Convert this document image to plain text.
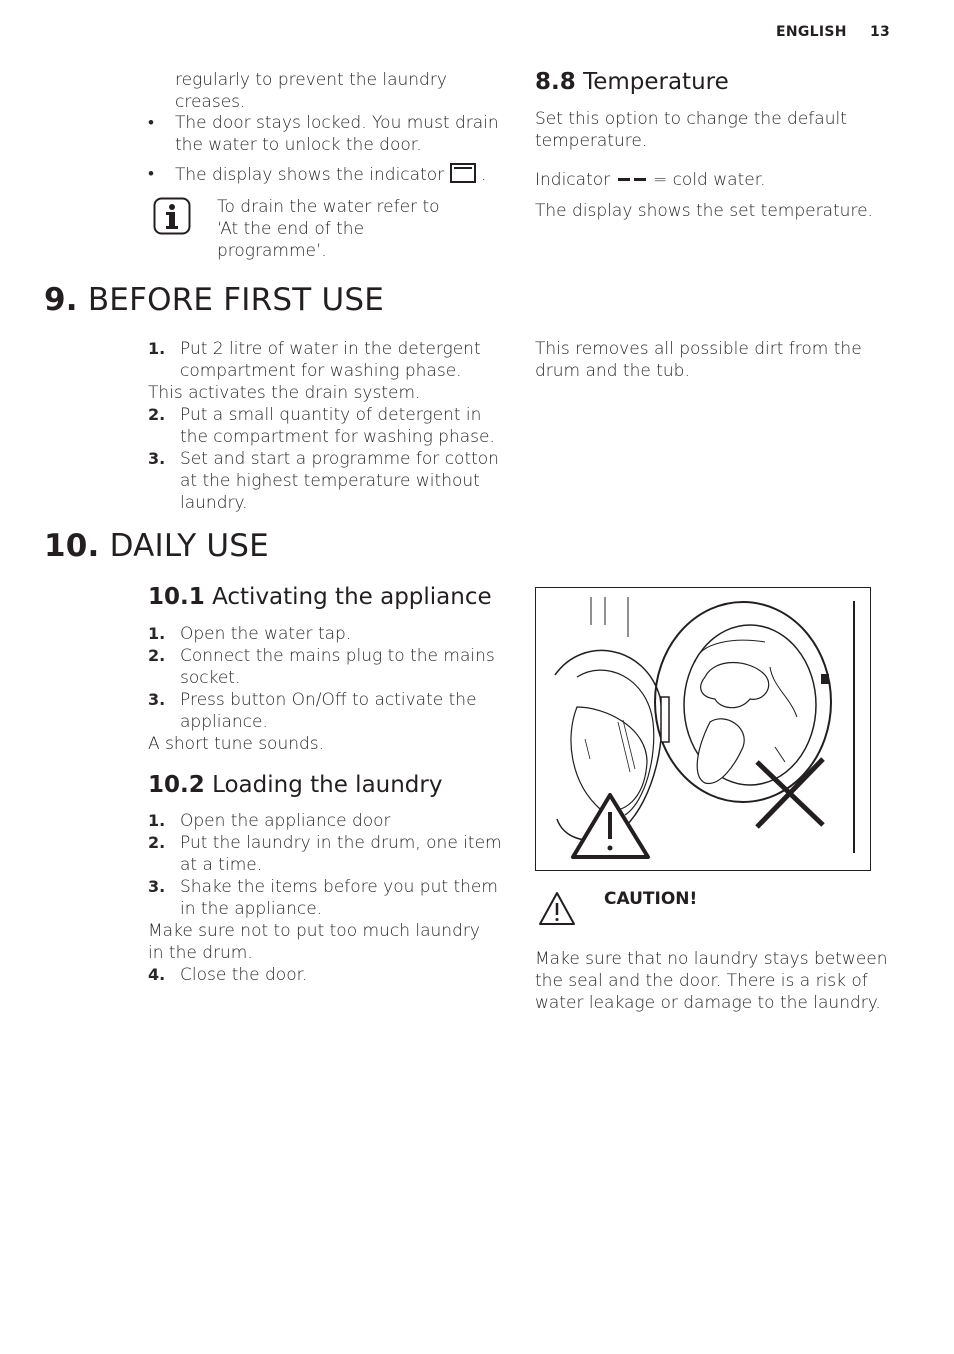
ENGLISH 13
regularly to prevent the laundry creases.
•	The door stays locked. You must drain the water to unlock the door.
•	The display shows the indicator .
To drain the water refer to ‘At the end of the programme’.
8.8 Temperature
Set this option to change the default temperature.
Indicator	= cold water.
The display shows the set temperature.
9. BEFORE FIRST USE
1. Put 2 litre of water in the detergent compartment for washing phase.
This activates the drain system.
2. Put a small quantity of detergent in the compartment for washing phase.
3. Set and start a programme for cotton at the highest temperature without laundry.
This removes all possible dirt from the drum and the tub.
10. DAILY USE
10.1 Activating the appliance
1. Open the water tap.
2. Connect the mains plug to the mains socket.
3. Press button On/Off to activate the appliance.
A short tune sounds.
10.2 Loading the laundry
1. Open the appliance door
2. Put the laundry in the drum, one item at a time.
3. Shake the items before you put them in the appliance.
Make sure not to put too much laundry in the drum.
4. Close the door.
CAUTION!
Make sure that no laundry stays between the seal and the door. There is a risk of water leakage or damage to the laundry.
